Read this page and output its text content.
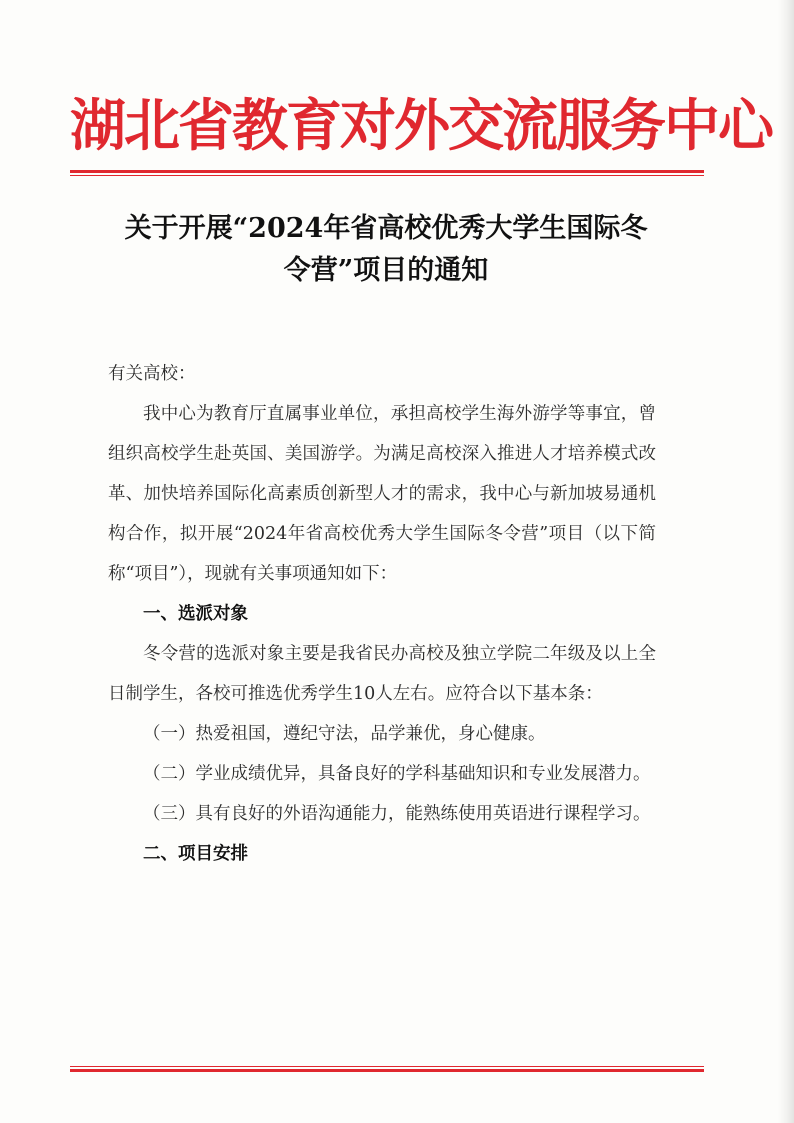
湖北省教育对外交流服务中心
关于开展“2024年省高校优秀大学生国际冬
令营”项目的通知

有关高校：

我中心为教育厅直属事业单位，承担高校学生海外游学等事宜，曾组织高校学生赴英国、美国游学。为满足高校深入推进人才培养模式改革、加快培养国际化高素质创新型人才的需求，我中心与新加坡易通机构合作，拟开展“2024年省高校优秀大学生国际冬令营”项目（以下简称“项目”），现就有关事项通知如下：

一、选派对象

冬令营的选派对象主要是我省民办高校及独立学院二年级及以上全日制学生，各校可推选优秀学生10人左右。应符合以下基本条：

（一）热爱祖国，遵纪守法，品学兼优，身心健康。

（二）学业成绩优异，具备良好的学科基础知识和专业发展潜力。

（三）具有良好的外语沟通能力，能熟练使用英语进行课程学习。

二、项目安排
